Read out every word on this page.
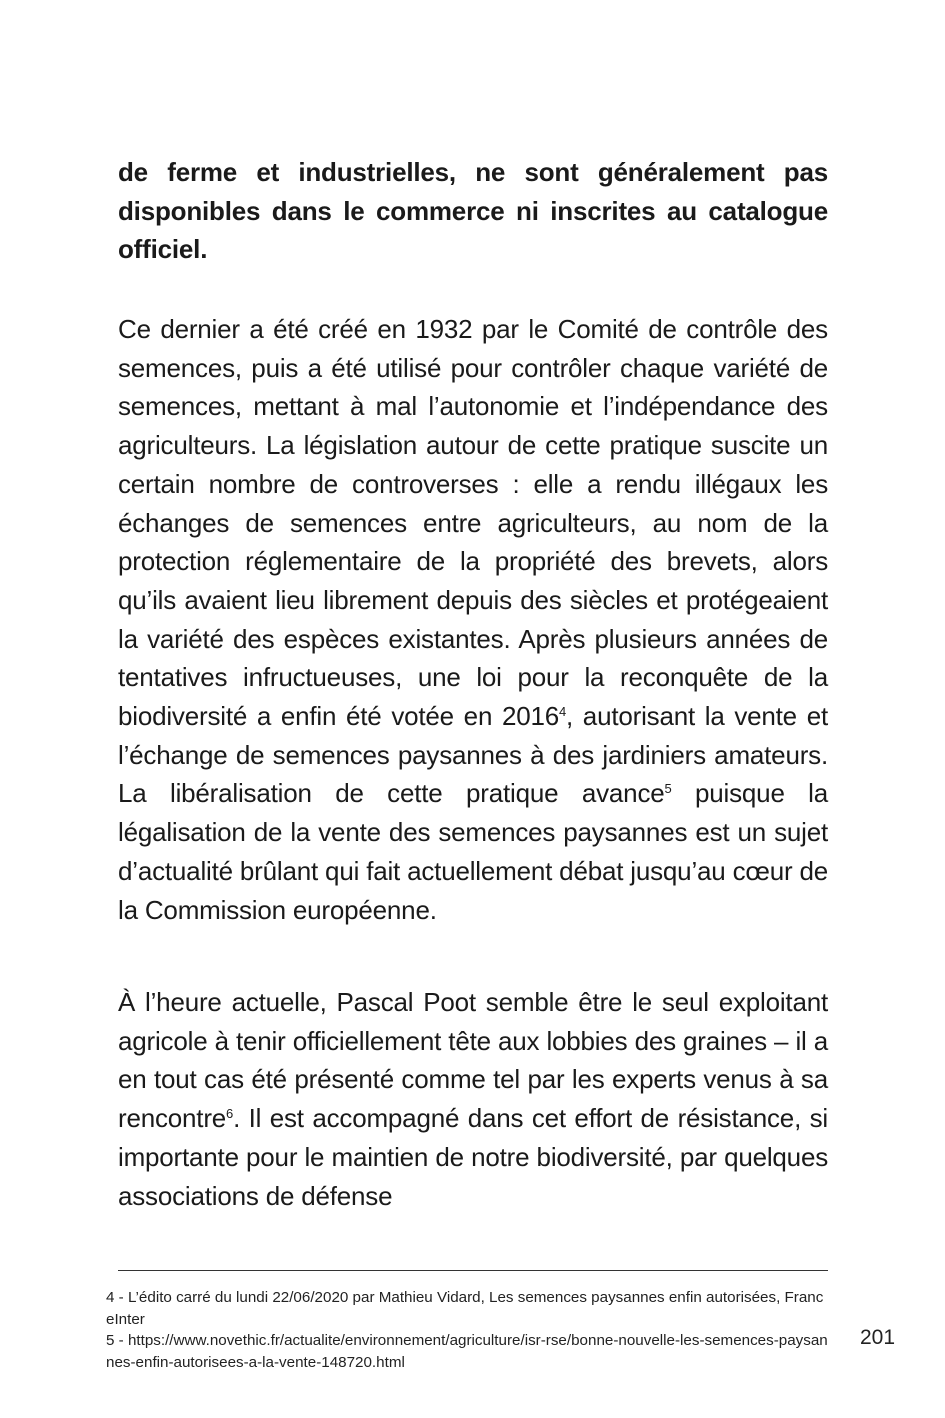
de ferme et industrielles, ne sont généralement pas disponibles dans le commerce ni inscrites au catalogue officiel.

Ce dernier a été créé en 1932 par le Comité de contrôle des semences, puis a été utilisé pour contrôler chaque variété de semences, mettant à mal l’autonomie et l’indépendance des agriculteurs. La législation autour de cette pratique suscite un certain nombre de controverses : elle a rendu illégaux les échanges de semences entre agriculteurs, au nom de la protection réglementaire de la propriété des brevets, alors qu’ils avaient lieu librement depuis des siècles et protégeaient la variété des espèces existantes. Après plusieurs années de tentatives infructueuses, une loi pour la reconquête de la biodiversité a enfin été votée en 2016$^4$, autorisant la vente et l’échange de semences paysannes à des jardiniers amateurs. La libéralisation de cette pratique avance$^5$ puisque la légalisation de la vente des semences paysannes est un sujet d’actualité brûlant qui fait actuellement débat jusqu’au cœur de la Commission européenne.

À l’heure actuelle, Pascal Poot semble être le seul exploitant agricole à tenir officiellement tête aux lobbies des graines – il a en tout cas été présenté comme tel par les experts venus à sa rencontre$^6$. Il est accompagné dans cet effort de résistance, si importante pour le maintien de notre biodiversité, par quelques associations de défense

4 - L’édito carré du lundi 22/06/2020 par Mathieu Vidard, Les semences paysannes enfin autorisées, FranceInter

5 - https://www.novethic.fr/actualite/environnement/agriculture/isr-rse/bonne-nouvelle-les-semences-paysannes-enfin-autorisees-a-la-vente-148720.html

201
